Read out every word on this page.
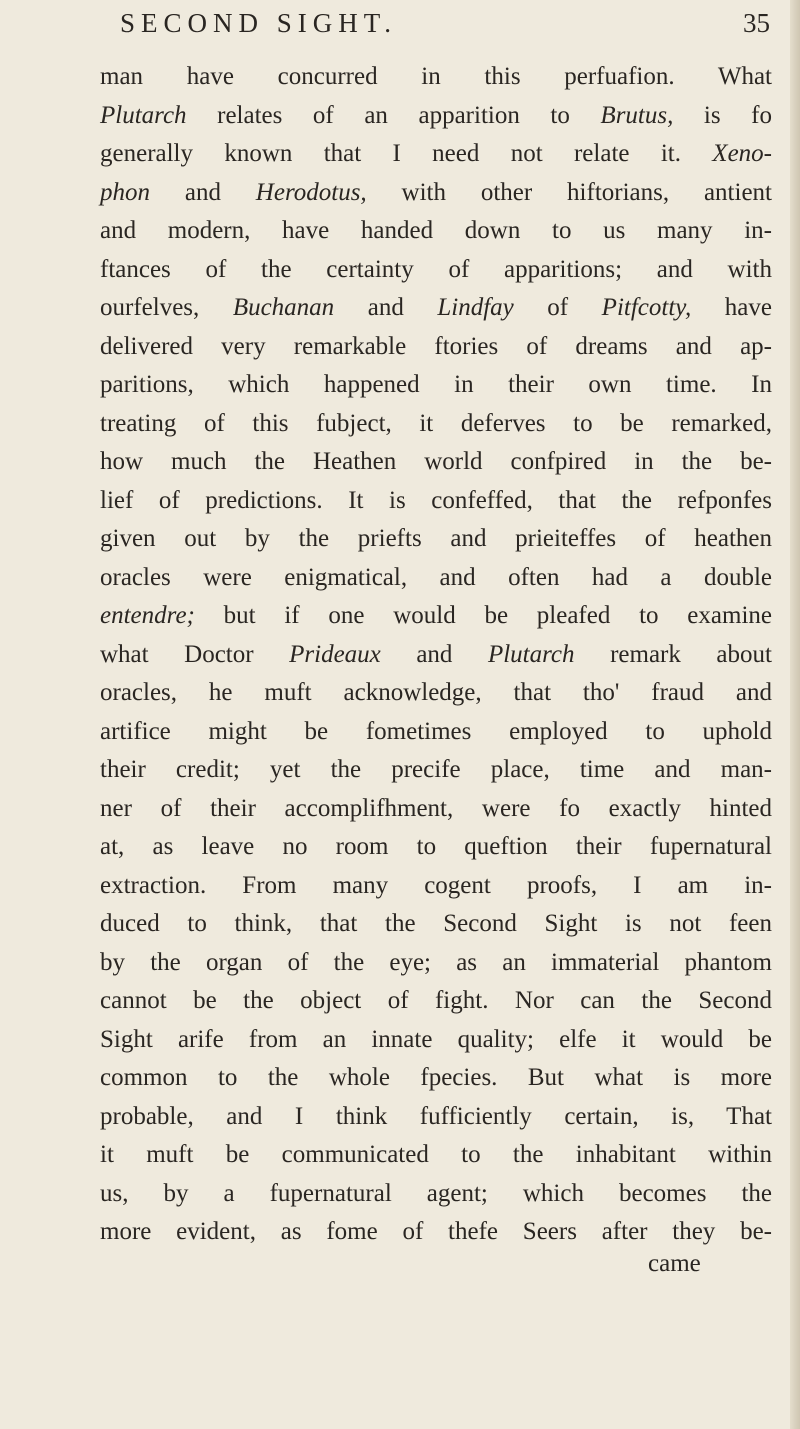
SECOND SIGHT.	35
man have concurred in this perfuafion. What
Plutarch relates of an apparition to Brutus, is fo
generally known that I need not relate it. Xeno-
phon and Herodotus, with other hiftorians, antient
and modern, have handed down to us many in-
ftances of the certainty of apparitions; and with
ourfelves, Buchanan and Lindfay of Pitfcotty, have
delivered very remarkable ftories of dreams and ap-
paritions, which happened in their own time. In
treating of this fubject, it deferves to be remarked,
how much the Heathen world confpired in the be-
lief of predictions. It is confeffed, that the refponfes
given out by the priefts and prieiteffes of heathen
oracles were enigmatical, and often had a double
entendre; but if one would be pleafed to examine
what Doctor Prideaux and Plutarch remark about
oracles, he muft acknowledge, that tho' fraud and
artifice might be fometimes employed to uphold
their credit; yet the precife place, time and man-
ner of their accomplifhment, were fo exactly hinted
at, as leave no room to queftion their fupernatural
extraction. From many cogent proofs, I am in-
duced to think, that the Second Sight is not feen
by the organ of the eye; as an immaterial phantom
cannot be the object of fight. Nor can the Second
Sight arife from an innate quality; elfe it would be
common to the whole fpecies. But what is more
probable, and I think fufficiently certain, is, That
it muft be communicated to the inhabitant within
us, by a fupernatural agent; which becomes the
more evident, as fome of thefe Seers after they be-
came
